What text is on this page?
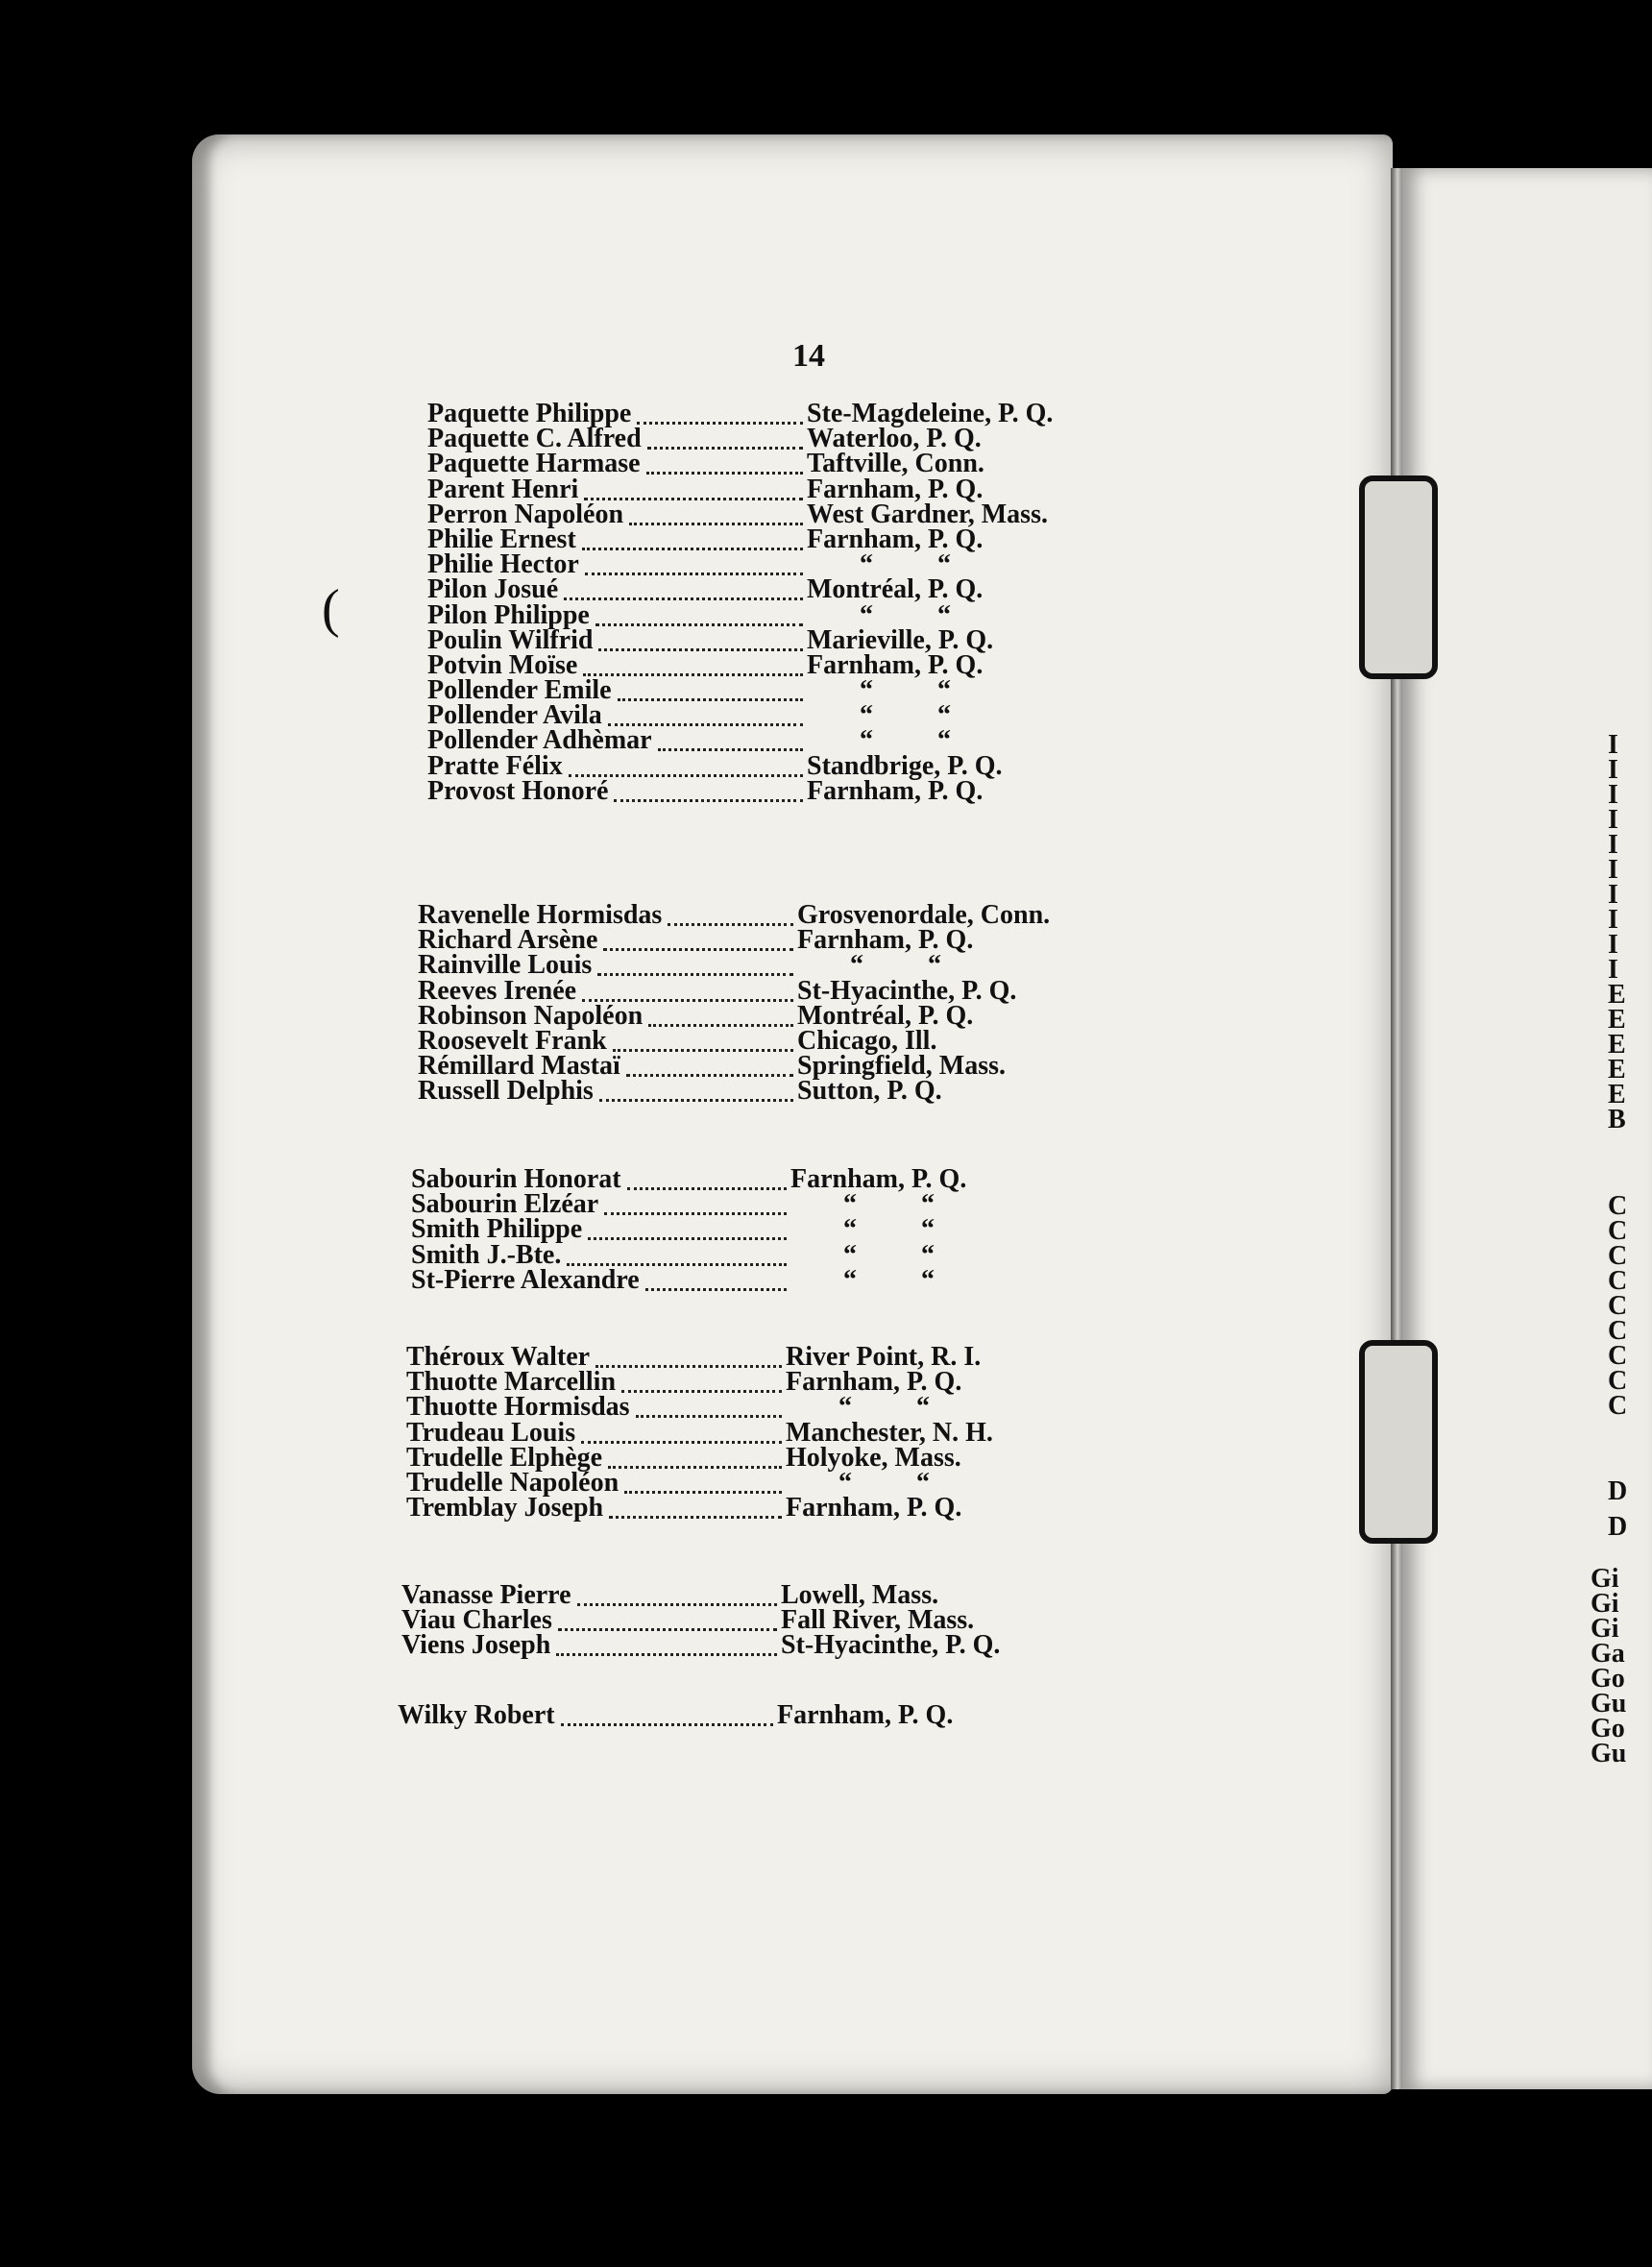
14
(
Paquette Philippe	Ste-Magdeleine, P. Q.
Paquette C. Alfred	Waterloo, P. Q.
Paquette Harmase	Taftville, Conn.
Parent Henri	Farnham, P. Q.
Perron Napoléon	West Gardner, Mass.
Philie Ernest	Farnham, P. Q.
Philie Hector	“ “
Pilon Josué	Montréal, P. Q.
Pilon Philippe	“ “
Poulin Wilfrid	Marieville, P. Q.
Potvin Moïse	Farnham, P. Q.
Pollender Emile	“ “
Pollender Avila	“ “
Pollender Adhèmar	“ “
Pratte Félix	Standbrige, P. Q.
Provost Honoré	Farnham, P. Q.
Ravenelle Hormisdas	Grosvenordale, Conn.
Richard Arsène	Farnham, P. Q.
Rainville Louis	“ “
Reeves Irenée	St-Hyacinthe, P. Q.
Robinson Napoléon	Montréal, P. Q.
Roosevelt Frank	Chicago, Ill.
Rémillard Mastaï	Springfield, Mass.
Russell Delphis	Sutton, P. Q.
Sabourin Honorat	Farnham, P. Q.
Sabourin Elzéar	“ “
Smith Philippe	“ “
Smith J.-Bte.	“ “
St-Pierre Alexandre	“ “
Théroux Walter	River Point, R. I.
Thuotte Marcellin	Farnham, P. Q.
Thuotte Hormisdas	“ “
Trudeau Louis	Manchester, N. H.
Trudelle Elphège	Holyoke, Mass.
Trudelle Napoléon	“ “
Tremblay Joseph	Farnham, P. Q.
Vanasse Pierre	Lowell, Mass.
Viau Charles	Fall River, Mass.
Viens Joseph	St-Hyacinthe, P. Q.
Wilky Robert	Farnham, P. Q.
I
I
I
I
I
I
I
I
I
I
E
E
E
E
E
B
C
C
C
C
C
C
C
C
C
D
D
Gi
Gi
Gi
Ga
Go
Gu
Go
Gu
